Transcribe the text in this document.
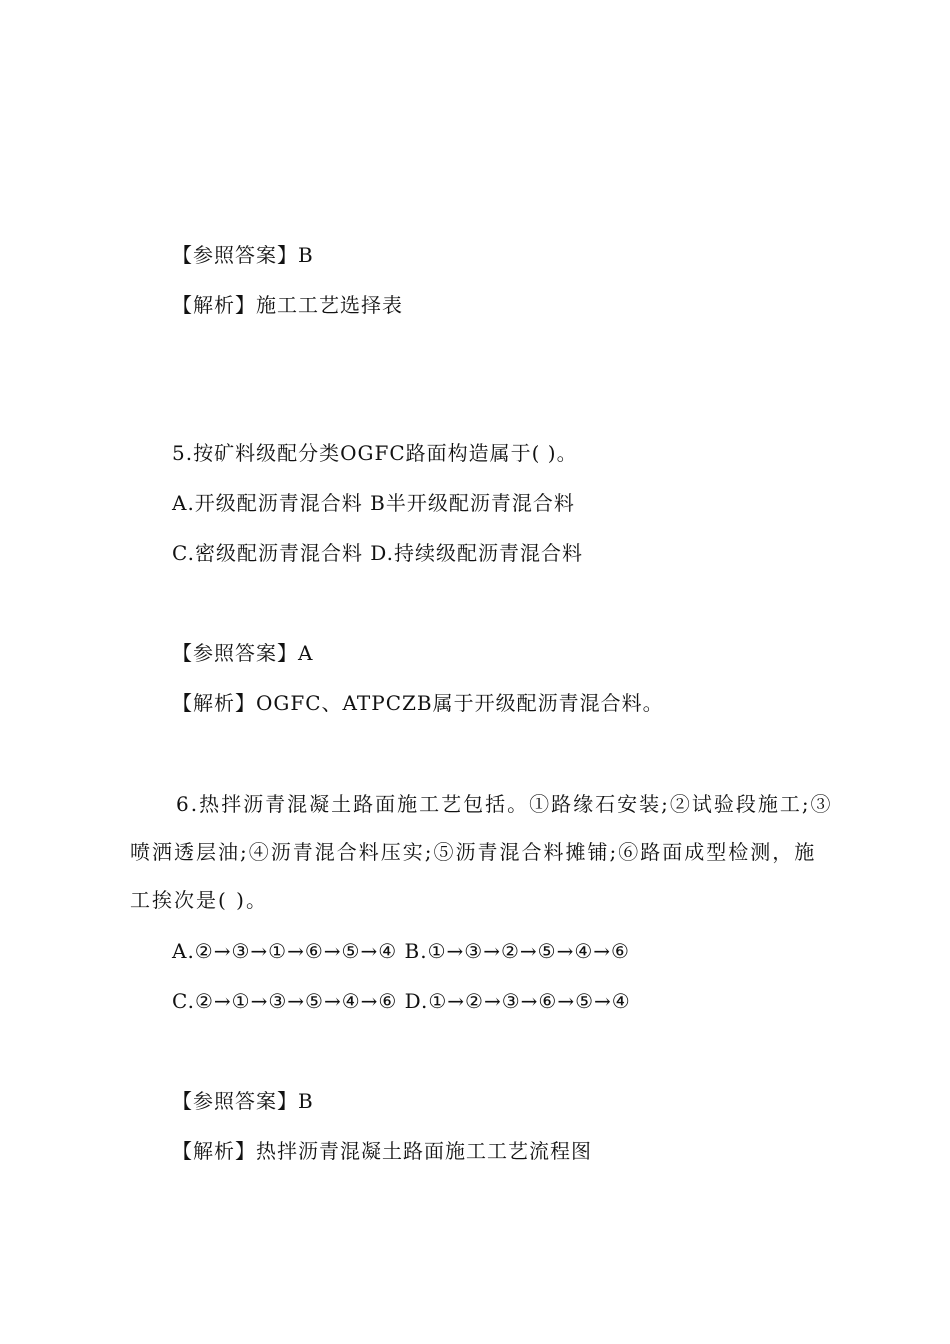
【参照答案】B
【解析】施工工艺选择表
5.按矿料级配分类OGFC路面构造属于( )。
A.开级配沥青混合料 B半开级配沥青混合料
C.密级配沥青混合料 D.持续级配沥青混合料
【参照答案】A
【解析】OGFC、ATPCZB属于开级配沥青混合料。
6.热拌沥青混凝土路面施工艺包括。①路缘石安装;②试验段施工;③喷洒透层油;④沥青混合料压实;⑤沥青混合料摊铺;⑥路面成型检测，施工挨次是( )。
A.②→③→①→⑥→⑤→④ B.①→③→②→⑤→④→⑥
C.②→①→③→⑤→④→⑥ D.①→②→③→⑥→⑤→④
【参照答案】B
【解析】热拌沥青混凝土路面施工工艺流程图
